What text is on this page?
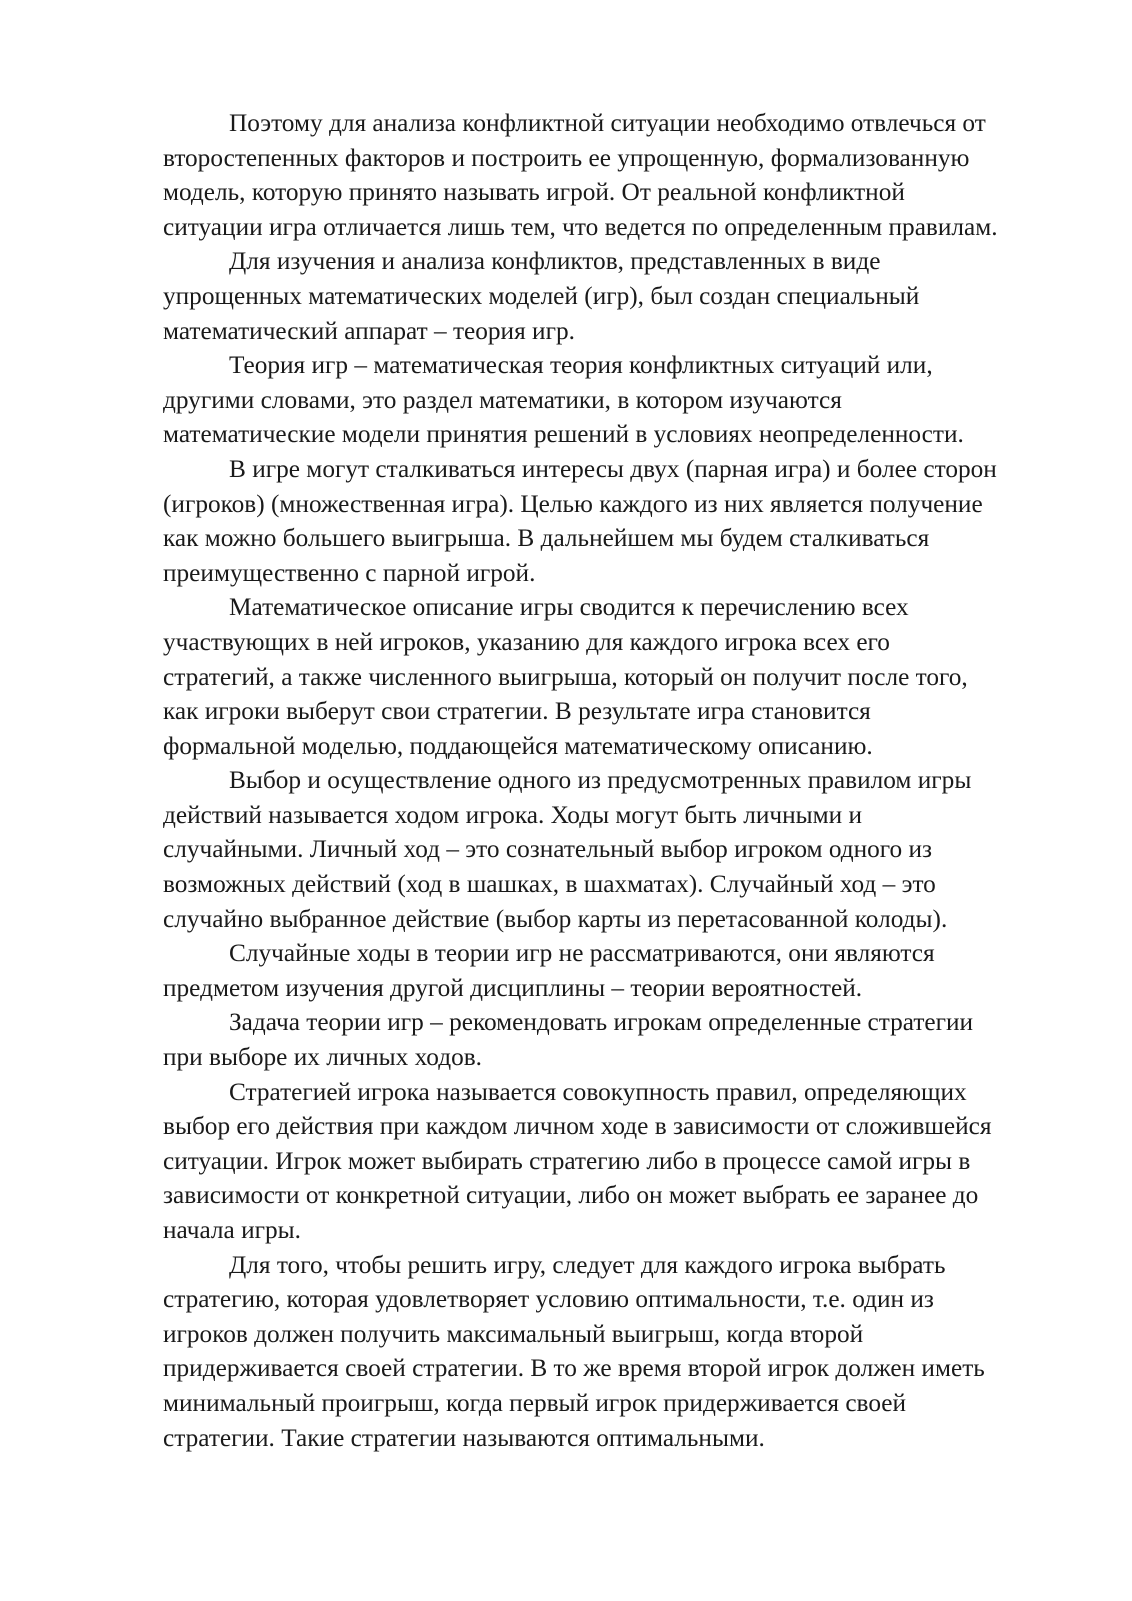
Поэтому для анализа конфликтной ситуации необходимо отвлечься от
второстепенных факторов и построить ее упрощенную, формализованную
модель, которую принято называть игрой. От реальной конфликтной
ситуации игра отличается лишь тем, что ведется по определенным правилам.
Для изучения и анализа конфликтов, представленных в виде
упрощенных математических моделей (игр), был создан специальный
математический аппарат – теория игр.
Теория игр – математическая теория конфликтных ситуаций или,
другими словами, это раздел математики, в котором изучаются
математические модели принятия решений в условиях неопределенности.
В игре могут сталкиваться интересы двух (парная игра) и более сторон
(игроков) (множественная игра). Целью каждого из них является получение
как можно большего выигрыша. В дальнейшем мы будем сталкиваться
преимущественно с парной игрой.
Математическое описание игры сводится к перечислению всех
участвующих в ней игроков, указанию для каждого игрока всех его
стратегий, а также численного выигрыша, который он получит после того,
как игроки выберут свои стратегии. В результате игра становится
формальной моделью, поддающейся математическому описанию.
Выбор и осуществление одного из предусмотренных правилом игры
действий называется ходом игрока. Ходы могут быть личными и
случайными. Личный ход – это сознательный выбор игроком одного из
возможных действий (ход в шашках, в шахматах). Случайный ход – это
случайно выбранное действие (выбор карты из перетасованной колоды).
Случайные ходы в теории игр не рассматриваются, они являются
предметом изучения другой дисциплины – теории вероятностей.
Задача теории игр – рекомендовать игрокам определенные стратегии
при выборе их личных ходов.
Стратегией игрока называется совокупность правил, определяющих
выбор его действия при каждом личном ходе в зависимости от сложившейся
ситуации. Игрок может выбирать стратегию либо в процессе самой игры в
зависимости от конкретной ситуации, либо он может выбрать ее заранее до
начала игры.
Для того, чтобы решить игру, следует для каждого игрока выбрать
стратегию, которая удовлетворяет условию оптимальности, т.е. один из
игроков должен получить максимальный выигрыш, когда второй
придерживается своей стратегии. В то же время второй игрок должен иметь
минимальный проигрыш, когда первый игрок придерживается своей
стратегии. Такие стратегии называются оптимальными.
